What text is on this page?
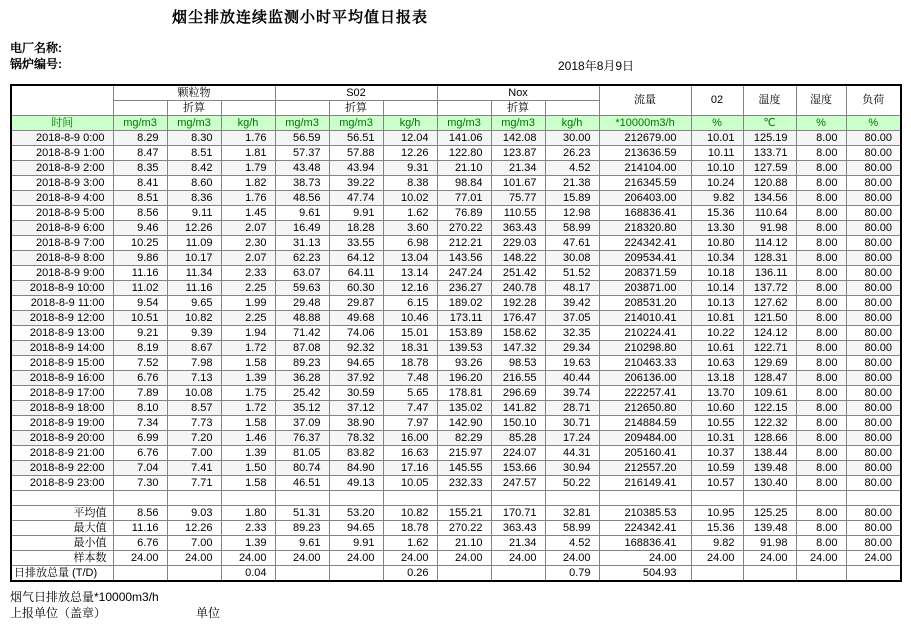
烟尘排放连续监测小时平均值日报表
电厂名称:
锅炉编号:	2018年8月9日
	颗粒物			S02			Nox			流量	02	温度	湿度	负荷
		折算			折算			折算						
时间	mg/m3	mg/m3	kg/h	mg/m3	mg/m3	kg/h	mg/m3	mg/m3	kg/h	*10000m3/h	%	℃	%	%
2018-8-9 0:00	8.29	8.30	1.76	56.59	56.51	12.04	141.06	142.08	30.00	212679.00	10.01	125.19	8.00	80.00
2018-8-9 1:00	8.47	8.51	1.81	57.37	57.88	12.26	122.80	123.87	26.23	213636.59	10.11	133.71	8.00	80.00
2018-8-9 2:00	8.35	8.42	1.79	43.48	43.94	9.31	21.10	21.34	4.52	214104.00	10.10	127.59	8.00	80.00
2018-8-9 3:00	8.41	8.60	1.82	38.73	39.22	8.38	98.84	101.67	21.38	216345.59	10.24	120.88	8.00	80.00
2018-8-9 4:00	8.51	8.36	1.76	48.56	47.74	10.02	77.01	75.77	15.89	206403.00	9.82	134.56	8.00	80.00
2018-8-9 5:00	8.56	9.11	1.45	9.61	9.91	1.62	76.89	110.55	12.98	168836.41	15.36	110.64	8.00	80.00
2018-8-9 6:00	9.46	12.26	2.07	16.49	18.28	3.60	270.22	363.43	58.99	218320.80	13.30	91.98	8.00	80.00
2018-8-9 7:00	10.25	11.09	2.30	31.13	33.55	6.98	212.21	229.03	47.61	224342.41	10.80	114.12	8.00	80.00
2018-8-9 8:00	9.86	10.17	2.07	62.23	64.12	13.04	143.56	148.22	30.08	209534.41	10.34	128.31	8.00	80.00
2018-8-9 9:00	11.16	11.34	2.33	63.07	64.11	13.14	247.24	251.42	51.52	208371.59	10.18	136.11	8.00	80.00
2018-8-9 10:00	11.02	11.16	2.25	59.63	60.30	12.16	236.27	240.78	48.17	203871.00	10.14	137.72	8.00	80.00
2018-8-9 11:00	9.54	9.65	1.99	29.48	29.87	6.15	189.02	192.28	39.42	208531.20	10.13	127.62	8.00	80.00
2018-8-9 12:00	10.51	10.82	2.25	48.88	49.68	10.46	173.11	176.47	37.05	214010.41	10.81	121.50	8.00	80.00
2018-8-9 13:00	9.21	9.39	1.94	71.42	74.06	15.01	153.89	158.62	32.35	210224.41	10.22	124.12	8.00	80.00
2018-8-9 14:00	8.19	8.67	1.72	87.08	92.32	18.31	139.53	147.32	29.34	210298.80	10.61	122.71	8.00	80.00
2018-8-9 15:00	7.52	7.98	1.58	89.23	94.65	18.78	93.26	98.53	19.63	210463.33	10.63	129.69	8.00	80.00
2018-8-9 16:00	6.76	7.13	1.39	36.28	37.92	7.48	196.20	216.55	40.44	206136.00	13.18	128.47	8.00	80.00
2018-8-9 17:00	7.89	10.08	1.75	25.42	30.59	5.65	178.81	296.69	39.74	222257.41	13.70	109.61	8.00	80.00
2018-8-9 18:00	8.10	8.57	1.72	35.12	37.12	7.47	135.02	141.82	28.71	212650.80	10.60	122.15	8.00	80.00
2018-8-9 19:00	7.34	7.73	1.58	37.09	38.90	7.97	142.90	150.10	30.71	214884.59	10.55	122.32	8.00	80.00
2018-8-9 20:00	6.99	7.20	1.46	76.37	78.32	16.00	82.29	85.28	17.24	209484.00	10.31	128.66	8.00	80.00
2018-8-9 21:00	6.76	7.00	1.39	81.05	83.82	16.63	215.97	224.07	44.31	205160.41	10.37	138.44	8.00	80.00
2018-8-9 22:00	7.04	7.41	1.50	80.74	84.90	17.16	145.55	153.66	30.94	212557.20	10.59	139.48	8.00	80.00
2018-8-9 23:00	7.30	7.71	1.58	46.51	49.13	10.05	232.33	247.57	50.22	216149.41	10.57	130.40	8.00	80.00

平均值	8.56	9.03	1.80	51.31	53.20	10.82	155.21	170.71	32.81	210385.53	10.95	125.25	8.00	80.00
最大值	11.16	12.26	2.33	89.23	94.65	18.78	270.22	363.43	58.99	224342.41	15.36	139.48	8.00	80.00
最小值	6.76	7.00	1.39	9.61	9.91	1.62	21.10	21.34	4.52	168836.41	9.82	91.98	8.00	80.00
样本数	24.00	24.00	24.00	24.00	24.00	24.00	24.00	24.00	24.00	24.00	24.00	24.00	24.00	24.00
日排放总量 (T/D)			0.04			0.26			0.79	504.93				
烟气日排放总量*10000m3/h
上报单位（盖章）	单位
